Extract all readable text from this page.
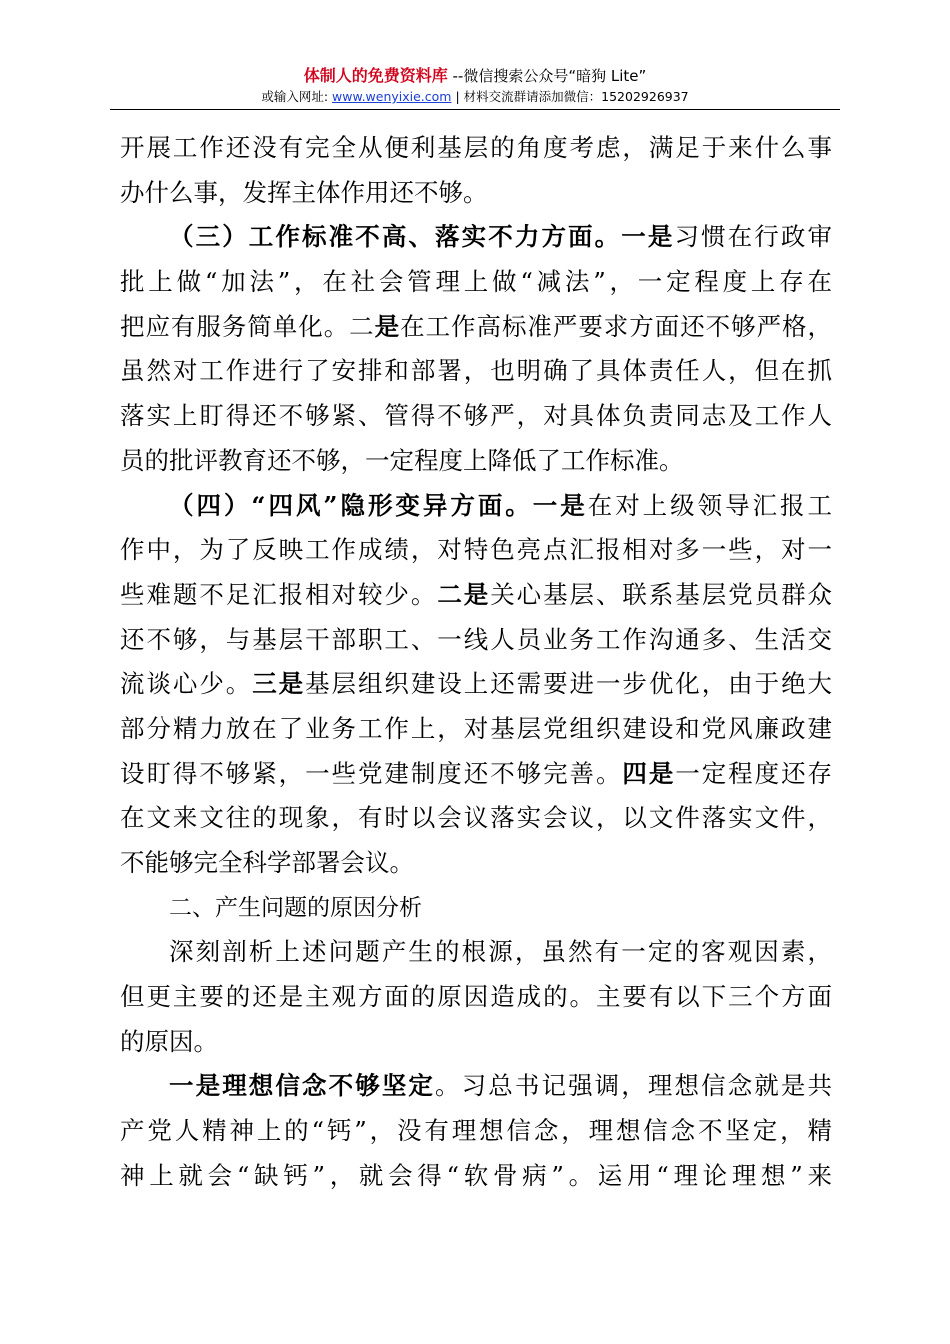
体制人的免费资料库 --微信搜索公众号“暗狗 Lite”
或输入网址: www.wenyixie.com | 材料交流群请添加微信：15202926937
开展工作还没有完全从便利基层的角度考虑，满足于来什么事
办什么事，发挥主体作用还不够。
（三）工作标准不高、落实不力方面。一是习惯在行政审
批上做“加法”，在社会管理上做“减法”，一定程度上存在
把应有服务简单化。二是在工作高标准严要求方面还不够严格，
虽然对工作进行了安排和部署，也明确了具体责任人，但在抓
落实上盯得还不够紧、管得不够严，对具体负责同志及工作人
员的批评教育还不够，一定程度上降低了工作标准。
（四）“四风”隐形变异方面。一是在对上级领导汇报工
作中，为了反映工作成绩，对特色亮点汇报相对多一些，对一
些难题不足汇报相对较少。二是关心基层、联系基层党员群众
还不够，与基层干部职工、一线人员业务工作沟通多、生活交
流谈心少。三是基层组织建设上还需要进一步优化，由于绝大
部分精力放在了业务工作上，对基层党组织建设和党风廉政建
设盯得不够紧，一些党建制度还不够完善。四是一定程度还存
在文来文往的现象，有时以会议落实会议，以文件落实文件，
不能够完全科学部署会议。
二、产生问题的原因分析
深刻剖析上述问题产生的根源，虽然有一定的客观因素，
但更主要的还是主观方面的原因造成的。主要有以下三个方面
的原因。
一是理想信念不够坚定。习总书记强调，理想信念就是共
产党人精神上的“钙”，没有理想信念，理想信念不坚定，精
神上就会“缺钙”，就会得“软骨病”。运用“理论理想”来
